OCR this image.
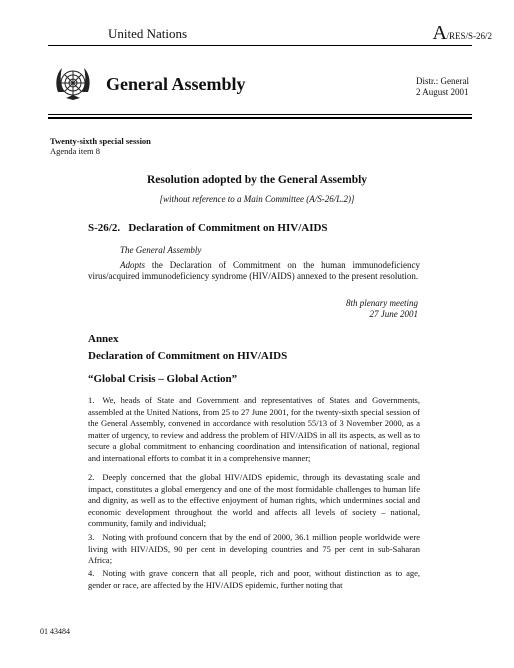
United Nations	A/RES/S-26/2
General Assembly	Distr.: General
2 August 2001
Twenty-sixth special session
Agenda item 8
Resolution adopted by the General Assembly
[without reference to a Main Committee (A/S-26/L.2)]
S-26/2.   Declaration of Commitment on HIV/AIDS
The General Assembly
Adopts the Declaration of Commitment on the human immunodeficiency virus/acquired immunodeficiency syndrome (HIV/AIDS) annexed to the present resolution.
8th plenary meeting
27 June 2001
Annex
Declaration of Commitment on HIV/AIDS
“Global Crisis – Global Action”
1. We, heads of State and Government and representatives of States and Governments, assembled at the United Nations, from 25 to 27 June 2001, for the twenty-sixth special session of the General Assembly, convened in accordance with resolution 55/13 of 3 November 2000, as a matter of urgency, to review and address the problem of HIV/AIDS in all its aspects, as well as to secure a global commitment to enhancing coordination and intensification of national, regional and international efforts to combat it in a comprehensive manner;
2. Deeply concerned that the global HIV/AIDS epidemic, through its devastating scale and impact, constitutes a global emergency and one of the most formidable challenges to human life and dignity, as well as to the effective enjoyment of human rights, which undermines social and economic development throughout the world and affects all levels of society – national, community, family and individual;
3. Noting with profound concern that by the end of 2000, 36.1 million people worldwide were living with HIV/AIDS, 90 per cent in developing countries and 75 per cent in sub-Saharan Africa;
4. Noting with grave concern that all people, rich and poor, without distinction as to age, gender or race, are affected by the HIV/AIDS epidemic, further noting that
01 43484
